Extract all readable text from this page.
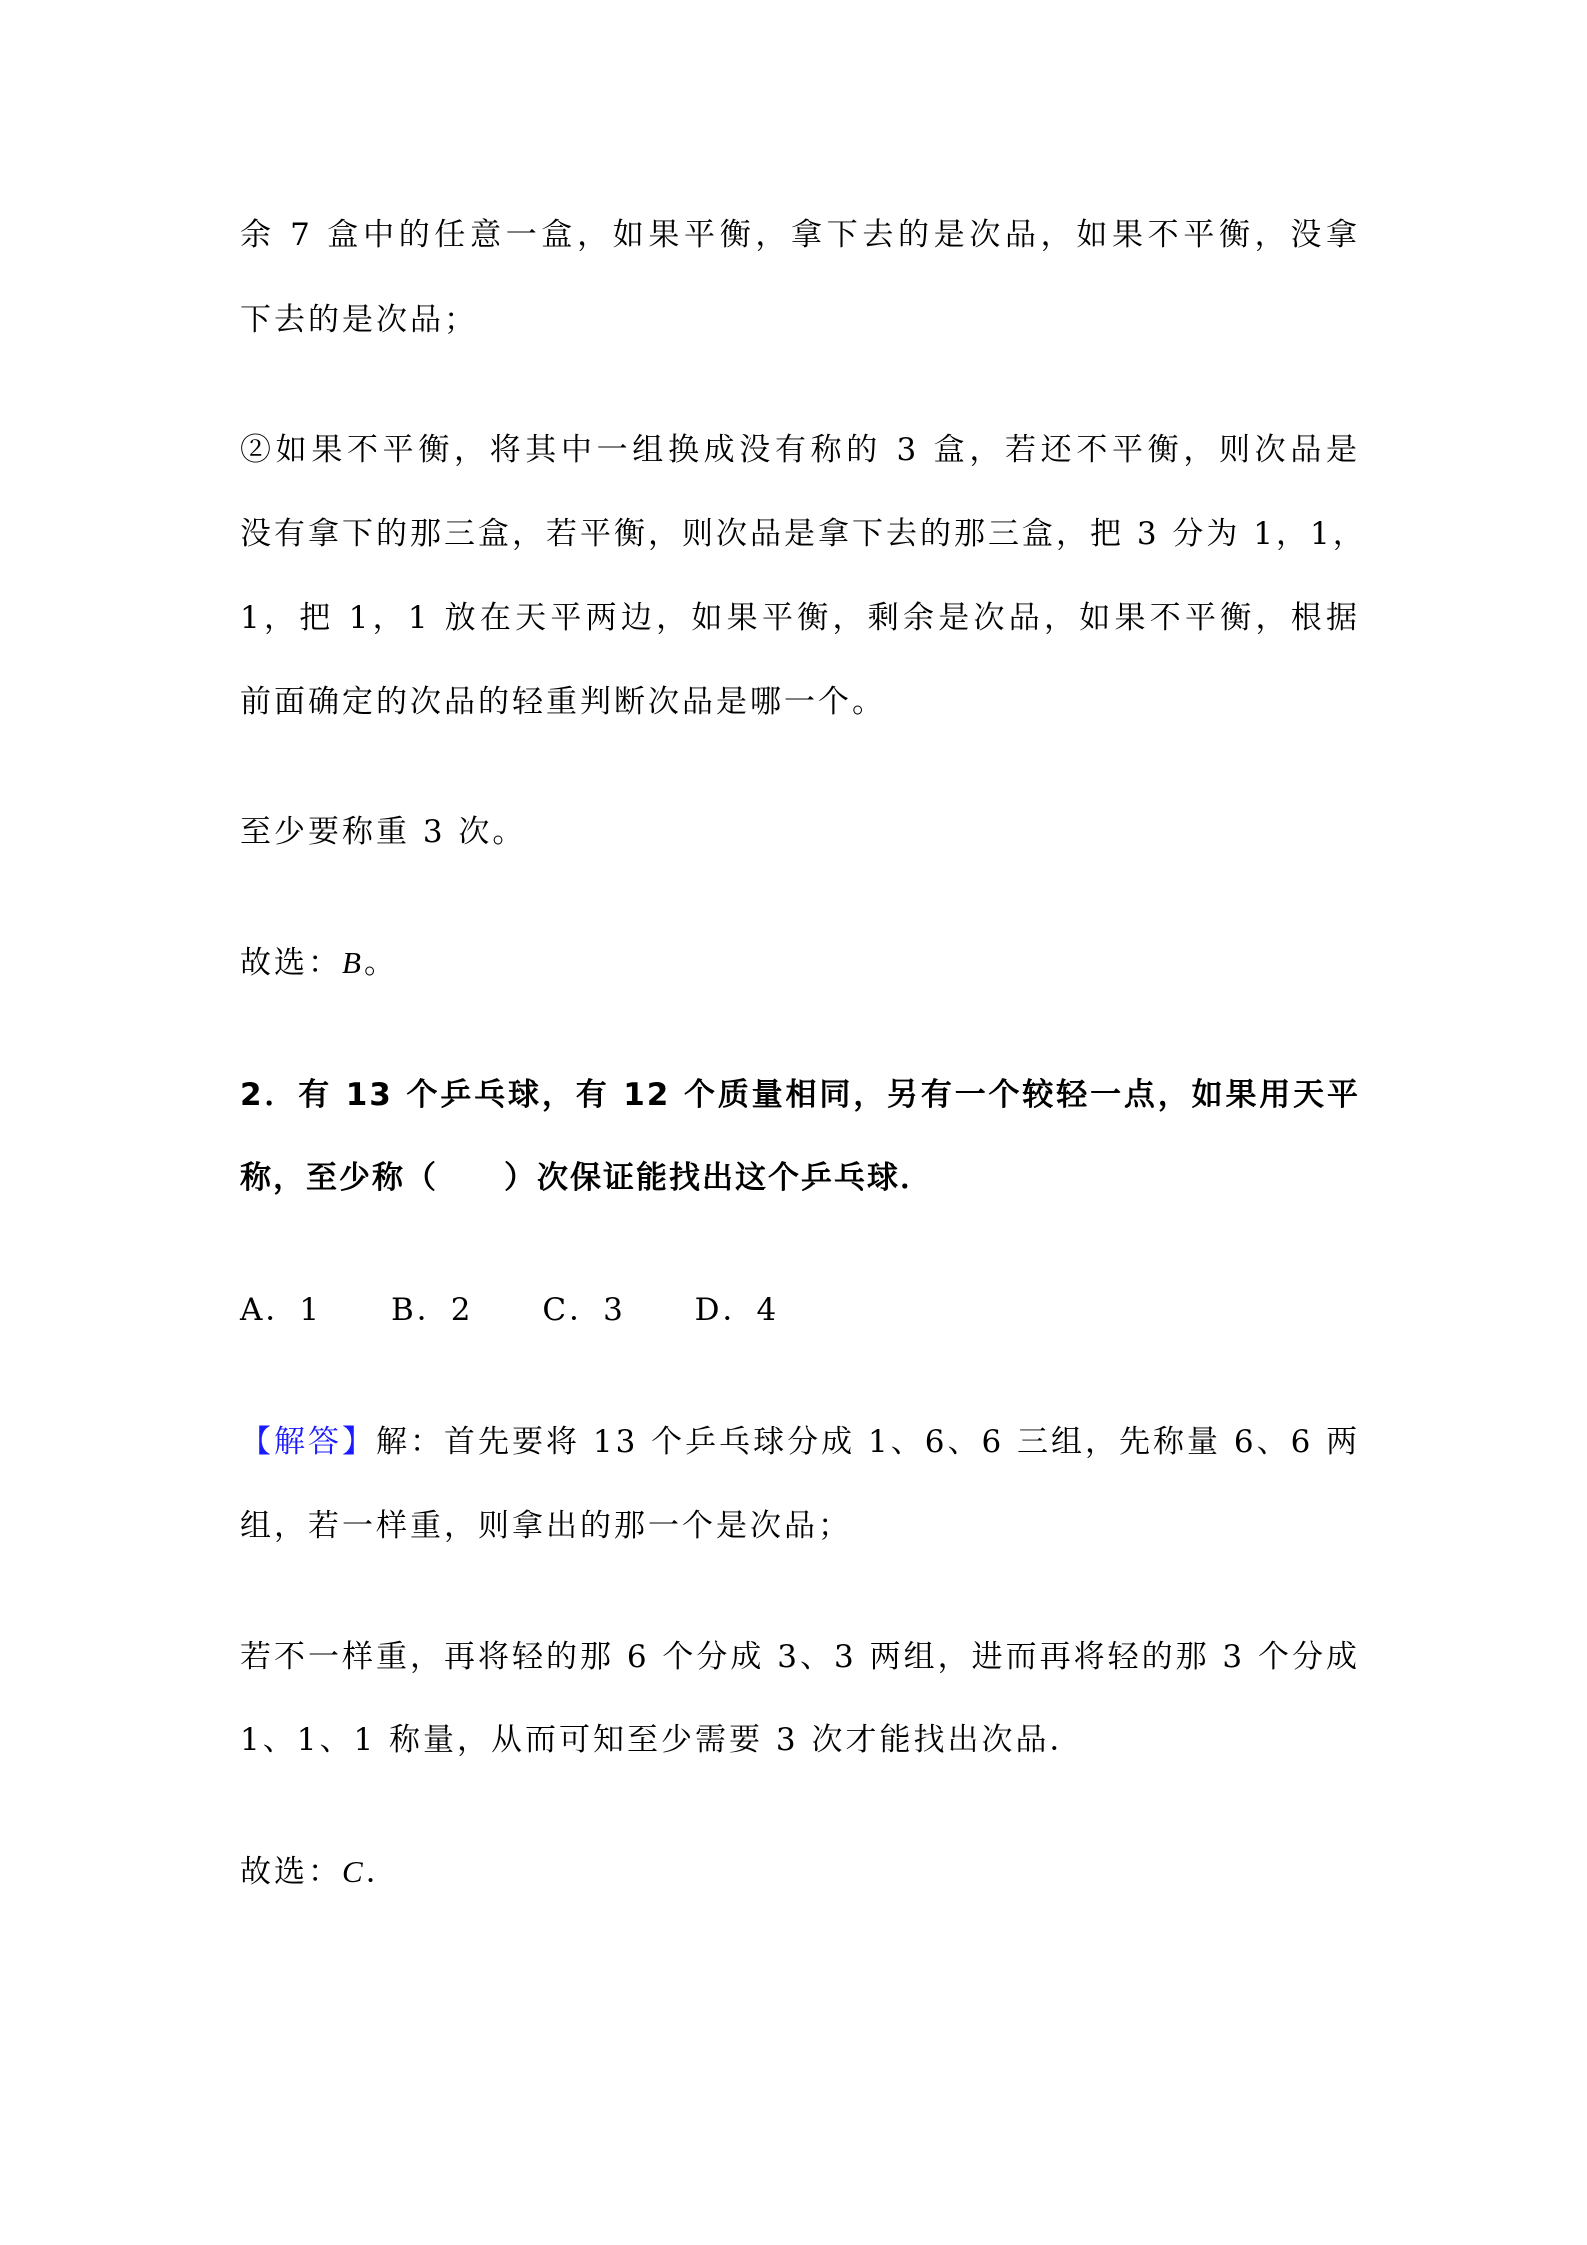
余 7 盒中的任意一盒，如果平衡，拿下去的是次品，如果不平衡，没拿
下去的是次品；
②如果不平衡，将其中一组换成没有称的 3 盒，若还不平衡，则次品是
没有拿下的那三盒，若平衡，则次品是拿下去的那三盒，把 3 分为 1，1，
1，把 1，1 放在天平两边，如果平衡，剩余是次品，如果不平衡，根据
前面确定的次品的轻重判断次品是哪一个。
至少要称重 3 次。
故选：B。
2．有 13 个乒乓球，有 12 个质量相同，另有一个较轻一点，如果用天平
称，至少称（　　）次保证能找出这个乒乓球．
A．1 B．2 C．3 D．4
【解答】解：首先要将 13 个乒乓球分成 1、6、6 三组，先称量 6、6 两
组，若一样重，则拿出的那一个是次品；
若不一样重，再将轻的那 6 个分成 3、3 两组，进而再将轻的那 3 个分成
1、1、1 称量，从而可知至少需要 3 次才能找出次品．
故选：C．
